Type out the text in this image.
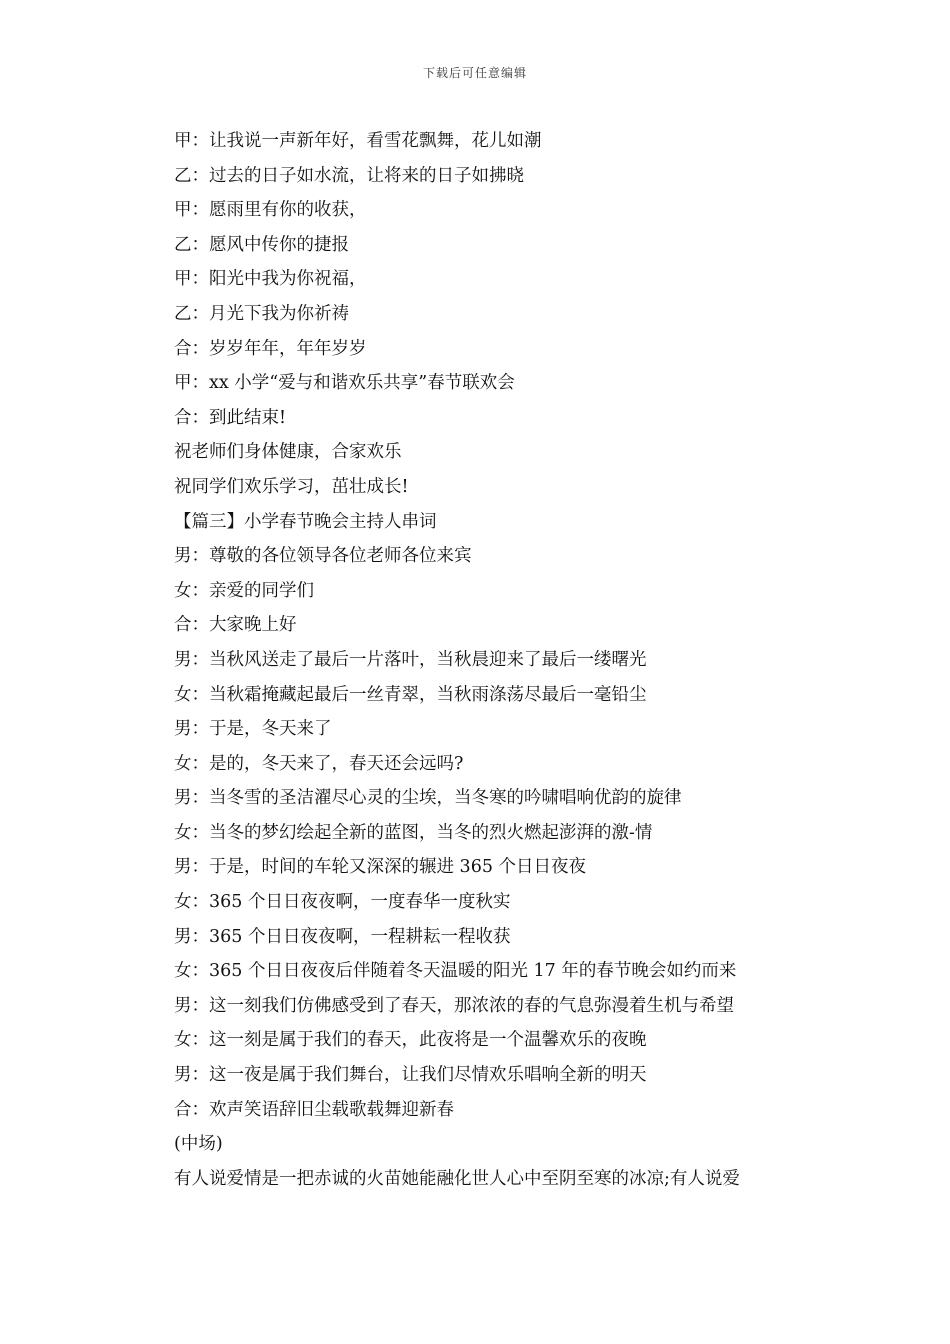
下载后可任意编辑
甲：让我说一声新年好，看雪花飘舞，花儿如潮
乙：过去的日子如水流，让将来的日子如拂晓
甲：愿雨里有你的收获，
乙：愿风中传你的捷报
甲：阳光中我为你祝福，
乙：月光下我为你祈祷
合：岁岁年年，年年岁岁
甲：xx 小学“爱与和谐欢乐共享”春节联欢会
合：到此结束!
祝老师们身体健康，合家欢乐
祝同学们欢乐学习，茁壮成长!
【篇三】小学春节晚会主持人串词
男：尊敬的各位领导各位老师各位来宾
女：亲爱的同学们
合：大家晚上好
男：当秋风送走了最后一片落叶，当秋晨迎来了最后一缕曙光
女：当秋霜掩藏起最后一丝青翠，当秋雨涤荡尽最后一毫铅尘
男：于是，冬天来了
女：是的，冬天来了，春天还会远吗?
男：当冬雪的圣洁濯尽心灵的尘埃，当冬寒的吟啸唱响优韵的旋律
女：当冬的梦幻绘起全新的蓝图，当冬的烈火燃起澎湃的激-情
男：于是，时间的车轮又深深的辗进 365 个日日夜夜
女：365 个日日夜夜啊，一度春华一度秋实
男：365 个日日夜夜啊，一程耕耘一程收获
女：365 个日日夜夜后伴随着冬天温暖的阳光 17 年的春节晚会如约而来
男：这一刻我们仿佛感受到了春天，那浓浓的春的气息弥漫着生机与希望
女：这一刻是属于我们的春天，此夜将是一个温馨欢乐的夜晚
男：这一夜是属于我们舞台，让我们尽情欢乐唱响全新的明天
合：欢声笑语辞旧尘载歌载舞迎新春
(中场)
有人说爱情是一把赤诚的火苗她能融化世人心中至阴至寒的冰凉;有人说爱
